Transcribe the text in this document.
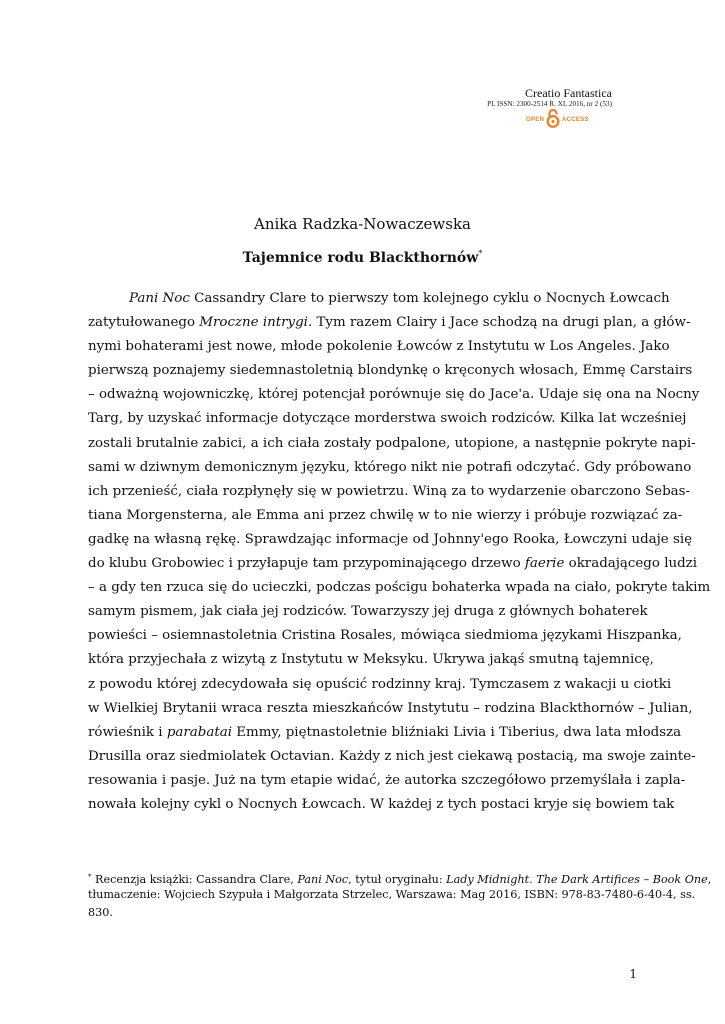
Creatio Fantastica
PL ISSN: 2300-2514 R. XI, 2016, nr 2 (53)
OPEN	ACCESS
Anika Radzka-Nowaczewska
Tajemnice rodu Blackthornów*
Pani Noc Cassandry Clare to pierwszy tom kolejnego cyklu o Nocnych Łowcach
zatytułowanego Mroczne intrygi. Tym razem Clairy i Jace schodzą na drugi plan, a głów-
nymi bohaterami jest nowe, młode pokolenie Łowców z Instytutu w Los Angeles. Jako
pierwszą poznajemy siedemnastoletnią blondynkę o kręconych włosach, Emmę Carstairs
– odważną wojowniczkę, której potencjał porównuje się do Jace'a. Udaje się ona na Nocny
Targ, by uzyskać informacje dotyczące morderstwa swoich rodziców. Kilka lat wcześniej
zostali brutalnie zabici, a ich ciała zostały podpalone, utopione, a następnie pokryte napi-
sami w dziwnym demonicznym języku, którego nikt nie potrafi odczytać. Gdy próbowano
ich przenieść, ciała rozpłynęły się w powietrzu. Winą za to wydarzenie obarczono Sebas-
tiana Morgensterna, ale Emma ani przez chwilę w to nie wierzy i próbuje rozwiązać za-
gadkę na własną rękę. Sprawdzając informacje od Johnny'ego Rooka, Łowczyni udaje się
do klubu Grobowiec i przyłapuje tam przypominającego drzewo faerie okradającego ludzi
– a gdy ten rzuca się do ucieczki, podczas pościgu bohaterka wpada na ciało, pokryte takim
samym pismem, jak ciała jej rodziców. Towarzyszy jej druga z głównych bohaterek
powieści – osiemnastoletnia Cristina Rosales, mówiąca siedmioma językami Hiszpanka,
która przyjechała z wizytą z Instytutu w Meksyku. Ukrywa jakąś smutną tajemnicę,
z powodu której zdecydowała się opuścić rodzinny kraj. Tymczasem z wakacji u ciotki
w Wielkiej Brytanii wraca reszta mieszkańców Instytutu – rodzina Blackthornów – Julian,
rówieśnik i parabatai Emmy, piętnastoletnie bliźniaki Livia i Tiberius, dwa lata młodsza
Drusilla oraz siedmiolatek Octavian. Każdy z nich jest ciekawą postacią, ma swoje zainte-
resowania i pasje. Już na tym etapie widać, że autorka szczegółowo przemyślała i zapla-
nowała kolejny cykl o Nocnych Łowcach. W każdej z tych postaci kryje się bowiem tak
* Recenzja książki: Cassandra Clare, Pani Noc, tytuł oryginału: Lady Midnight. The Dark Artifices – Book One,
tłumaczenie: Wojciech Szypuła i Małgorzata Strzelec, Warszawa: Mag 2016, ISBN: 978-83-7480-6-40-4, ss.
830.
1
